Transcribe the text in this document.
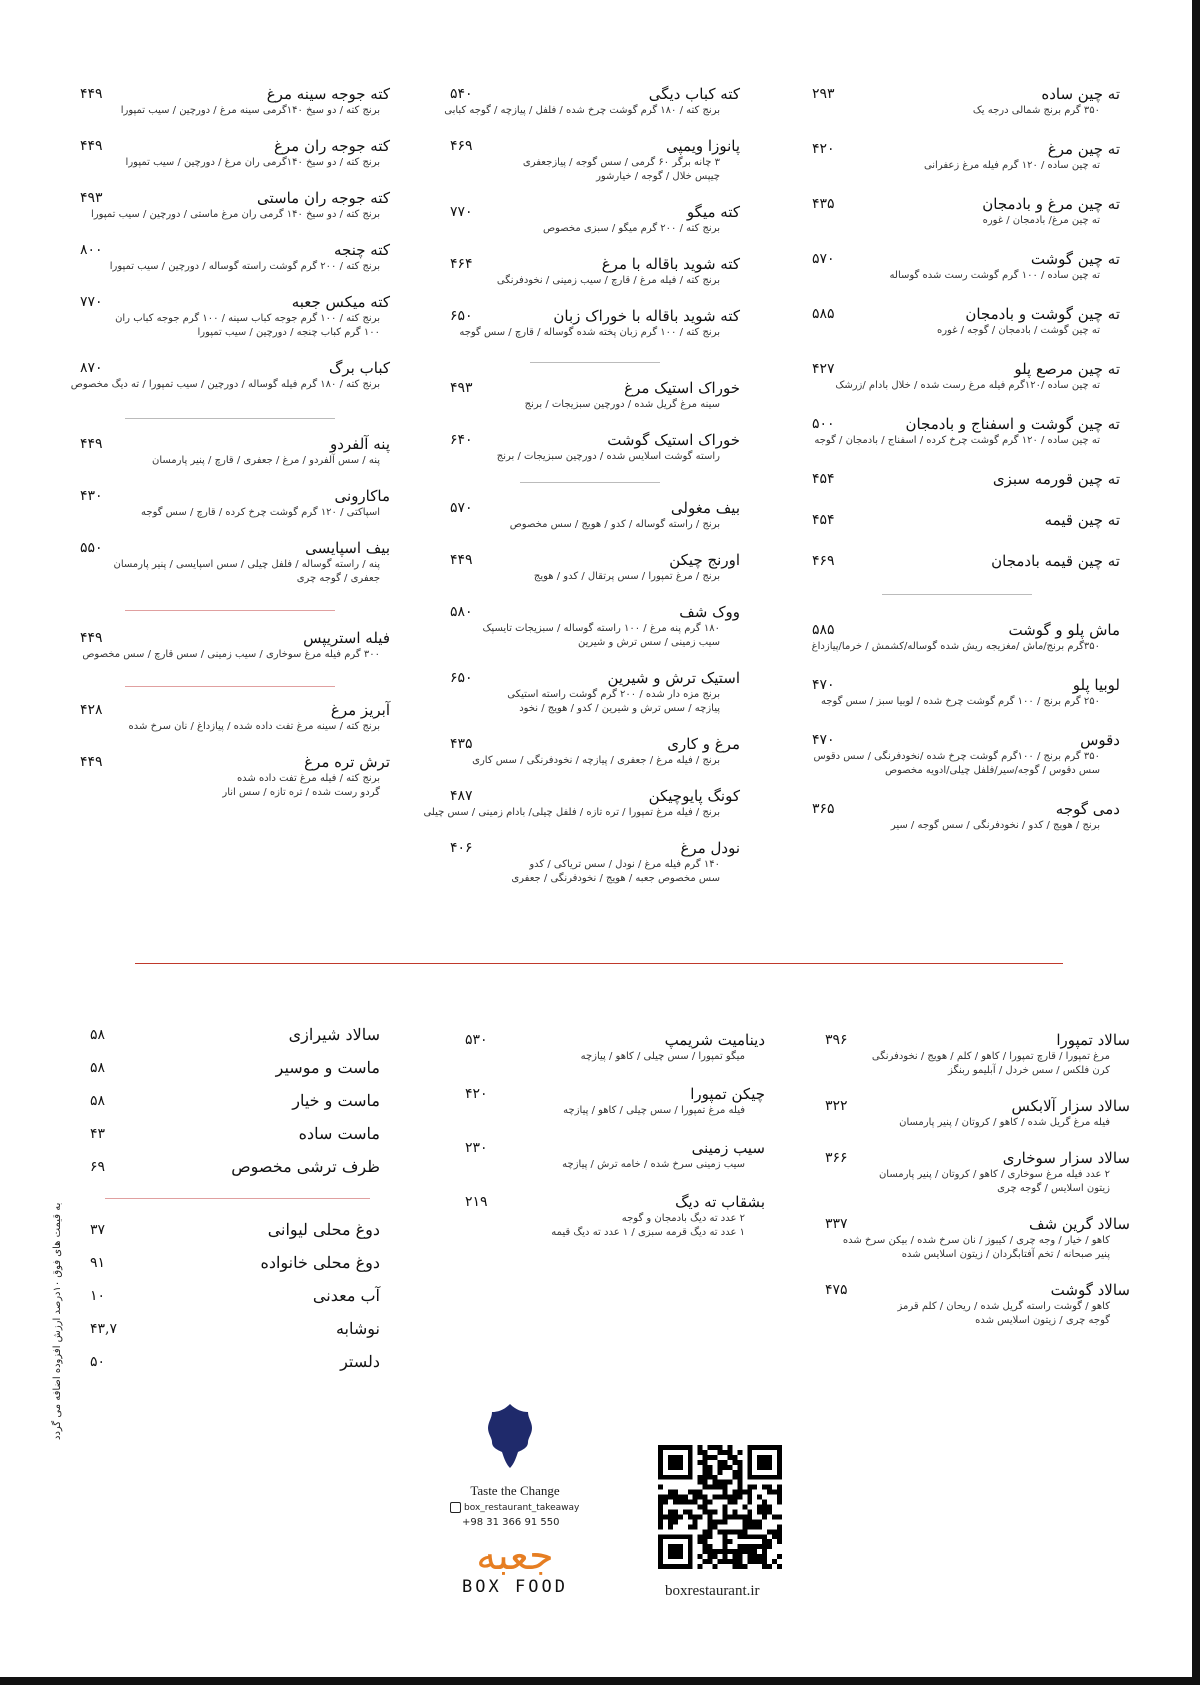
ته چین ساده
۳۵۰ گرم برنج شمالی درجه یک
۲۹۳
ته چین مرغ
ته چین ساده / ۱۲۰ گرم فیله مرغ زعفرانی
۴۲۰
ته چین مرغ و بادمجان
ته چین مرغ/ بادمجان / غوره
۴۳۵
ته چین گوشت
ته چین ساده / ۱۰۰ گرم گوشت رست شده گوساله
۵۷۰
ته چین گوشت و بادمجان
ته چین گوشت / بادمجان / گوجه / غوره
۵۸۵
ته چین مرصع پلو
ته چین ساده /۱۲۰گرم فیله مرغ رست شده / خلال بادام /زرشک
۴۲۷
ته چین گوشت و اسفناج و بادمجان
ته چین ساده / ۱۲۰ گرم گوشت چرخ کرده / اسفناج / بادمجان / گوجه
۵۰۰
ته چین قورمه سبزی
۴۵۴
ته چین قیمه
۴۵۴
ته چین قیمه بادمجان
۴۶۹
ماش پلو و گوشت
۳۵۰گرم برنج/ماش /مغزیجه ریش شده گوساله/کشمش / خرما/پیازداغ
۵۸۵
لوبیا پلو
۲۵۰ گرم برنج / ۱۰۰ گرم گوشت چرخ شده / لوبیا سبز / سس گوجه
۴۷۰
دقوس
۳۵۰ گرم برنج / ۱۰۰گرم گوشت چرخ شده /نخودفرنگی / سس دقوس
سس دقوس / گوجه/سیر/فلفل چیلی/ادویه مخصوص
۴۷۰
دمی گوجه
برنج / هویج / کدو / نخودفرنگی / سس گوجه / سیر
۳۶۵
کته کباب دیگی
برنج کته / ۱۸۰ گرم گوشت چرخ شده / فلفل / پیازچه / گوجه کبابی
۵۴۰
پانوزا ویمپی
۳ چانه برگر ۶۰ گرمی / سس گوجه / پیازجعفری
چیپس خلال / گوجه / خیارشور
۴۶۹
کته میگو
برنج کته / ۲۰۰ گرم میگو / سبزی مخصوص
۷۷۰
کته شوید باقاله با مرغ
برنج کته / فیله مرغ / قارچ / سیب زمینی / نخودفرنگی
۴۶۴
کته شوید باقاله با خوراک زبان
برنج کته / ۱۰۰ گرم زبان پخته شده گوساله / قارچ / سس گوجه
۶۵۰
خوراک استیک مرغ
سینه مرغ گریل شده / دورچین سبزیجات / برنج
۴۹۳
خوراک استیک گوشت
راسته گوشت اسلایس شده / دورچین سبزیجات / برنج
۶۴۰
بیف مغولی
برنج / راسته گوساله / کدو / هویج / سس مخصوص
۵۷۰
اورنج چیکن
برنج / مرغ تمپورا / سس پرتقال / کدو / هویج
۴۴۹
ووک شف
۱۸۰ گرم پنه مرغ / ۱۰۰ راسته گوساله / سبزیجات تایسپک
سیب زمینی / سس ترش و شیرین
۵۸۰
استیک ترش و شیرین
برنج مزه دار شده / ۲۰۰ گرم گوشت راسته استیکی
پیازچه / سس ترش و شیرین / کدو / هویج / نخود
۶۵۰
مرغ و کاری
برنج / فیله مرغ / جعفری / پیازچه / نخودفرنگی / سس کاری
۴۳۵
کونگ پایوچیکن
برنج / فیله مرغ تمپورا / تره تازه / فلفل چیلی/ بادام زمینی / سس چیلی
۴۸۷
نودل مرغ
۱۴۰ گرم فیله مرغ / نودل / سس تریاکی / کدو
سس مخصوص جعبه / هویج / نخودفرنگی / جعفری
۴۰۶
کته جوجه سینه مرغ
برنج کته / دو سیخ ۱۴۰گرمی سینه مرغ / دورچین / سیب تمپورا
۴۴۹
کته جوجه ران مرغ
برنج کته / دو سیخ ۱۴۰گرمی ران مرغ / دورچین / سیب تمپورا
۴۴۹
کته جوجه ران ماستی
برنج کته / دو سیخ ۱۴۰ گرمی ران مرغ ماستی / دورچین / سیب تمپورا
۴۹۳
کته چنجه
برنج کته / ۲۰۰ گرم گوشت راسته گوساله / دورچین / سیب تمپورا
۸۰۰
کته میکس جعبه
برنج کته / ۱۰۰ گرم جوجه کباب سینه / ۱۰۰ گرم جوجه کباب ران
۱۰۰ گرم کباب چنجه / دورچین / سیب تمپورا
۷۷۰
کباب برگ
برنج کته / ۱۸۰ گرم فیله گوساله / دورچین / سیب تمپورا / ته دیگ مخصوص
۸۷۰
پنه آلفردو
پنه / سس آلفردو / مرغ / جعفری / قارچ / پنیر پارمسان
۴۴۹
ماکارونی
اسپاکتی / ۱۲۰ گرم گوشت چرخ کرده / قارچ / سس گوجه
۴۳۰
بیف اسپایسی
پنه / راسته گوساله / فلفل چیلی / سس اسپایسی / پنیر پارمسان
جعفری / گوجه چری
۵۵۰
فیله استریپس
۳۰۰ گرم فیله مرغ سوخاری / سیب زمینی / سس قارچ / سس مخصوص
۴۴۹
آبریز مرغ
برنج کته / سینه مرغ تفت داده شده / پیازداغ / نان سرخ شده
۴۲۸
ترش تره مرغ
برنج کته / فیله مرغ تفت داده شده
گردو رست شده / تره تازه / سس انار
۴۴۹
سالاد تمپورا
مرغ تمپورا / قارچ تمپورا / کاهو / کلم / هویج / نخودفرنگی
کرن فلکس / سس خردل / آبلیمو ربنگز
۳۹۶
سالاد سزار آلابکس
فیله مرغ گریل شده / کاهو / کروتان / پنیر پارمسان
۳۲۲
سالاد سزار سوخاری
۲ عدد فیله مرغ سوخاری / کاهو / کروتان / پنیر پارمسان
زیتون اسلایس / گوجه چری
۳۶۶
سالاد گرین شف
کاهو / خیار / وجه چری / کیبوز / نان سرخ شده / بیکن سرخ شده
پنیر صبحانه / تخم آفتابگردان / زیتون اسلایس شده
۳۳۷
سالاد گوشت
کاهو / گوشت راسته گریل شده / ریحان / کلم قرمز
گوجه چری / زیتون اسلایس شده
۴۷۵
دینامیت شریمپ
میگو تمپورا / سس چیلی / کاهو / پیازچه
۵۳۰
چیکن تمپورا
فیله مرغ تمپورا / سس چیلی / کاهو / پیازچه
۴۲۰
سیب زمینی
سیب زمینی سرخ شده / خامه ترش / پیازچه
۲۳۰
بشقاب ته دیگ
۲ عدد ته دیگ بادمجان و گوجه
۱ عدد ته دیگ قرمه سبزی / ۱ عدد ته دیگ قیمه
۲۱۹
سالاد شیرازی
۵۸
ماست و موسیر
۵۸
ماست و خیار
۵۸
ماست ساده
۴۳
ظرف ترشی مخصوص
۶۹
دوغ محلی لیوانی
۳۷
دوغ محلی خانواده
۹۱
آب معدنی
۱۰
نوشابه
۴۳,۷
دلستر
۵۰
به قیمت های فوق ۱۰درصد ارزش افزوده اضافه می گردد
Taste the Change
box_restaurant_takeaway
+98 31 366 91 550
جعبه
BOX FOOD	boxrestaurant.ir
